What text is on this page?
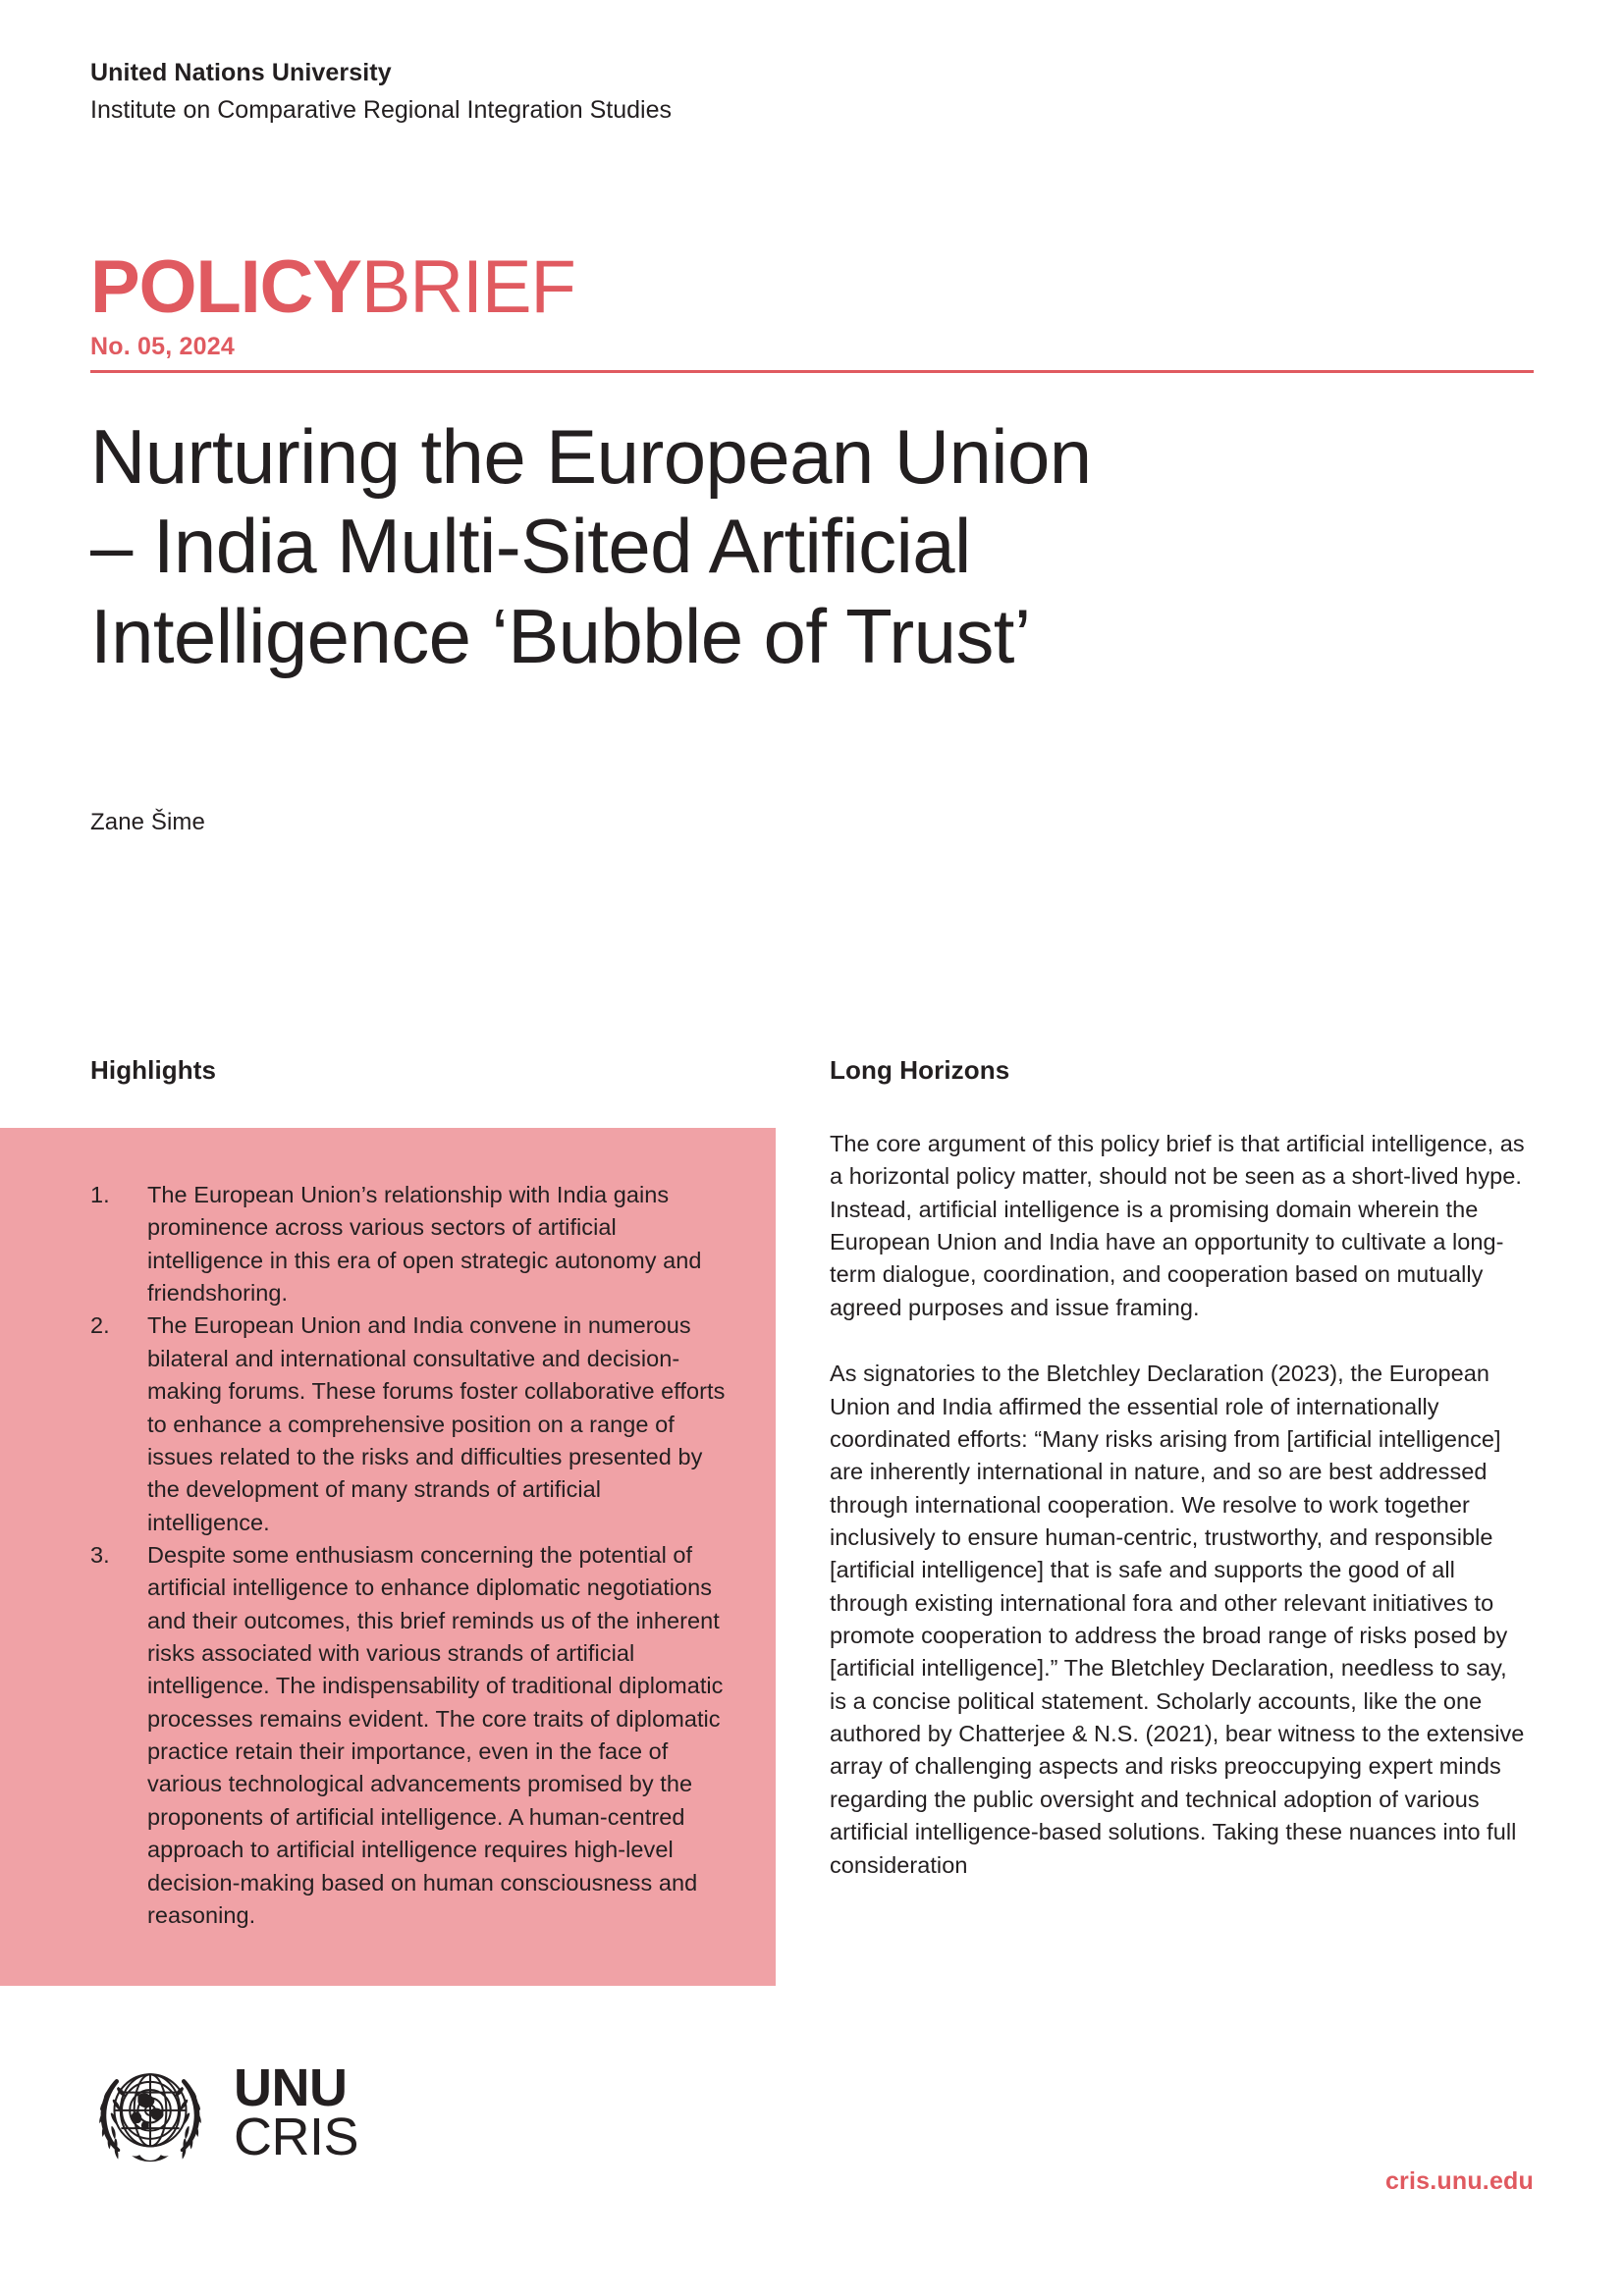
United Nations University
Institute on Comparative Regional Integration Studies
POLICYBRIEF
No. 05, 2024
Nurturing the European Union
– India Multi-Sited Artificial
Intelligence ‘Bubble of Trust’
Zane Šime
Highlights
The European Union’s relationship with India gains prominence across various sectors of artificial intelligence in this era of open strategic autonomy and friendshoring.
The European Union and India convene in numerous bilateral and international consultative and decision-making forums. These forums foster collaborative efforts to enhance a comprehensive position on a range of issues related to the risks and difficulties presented by the development of many strands of artificial intelligence.
Despite some enthusiasm concerning the potential of artificial intelligence to enhance diplomatic negotiations and their outcomes, this brief reminds us of the inherent risks associated with various strands of artificial intelligence. The indispensability of traditional diplomatic processes remains evident. The core traits of diplomatic practice retain their importance, even in the face of various technological advancements promised by the proponents of artificial intelligence. A human-centred approach to artificial intelligence requires high-level decision-making based on human consciousness and reasoning.
Long Horizons

The core argument of this policy brief is that artificial intelligence, as a horizontal policy matter, should not be seen as a short-lived hype. Instead, artificial intelligence is a promising domain wherein the European Union and India have an opportunity to cultivate a long-term dialogue, coordination, and cooperation based on mutually agreed purposes and issue framing.

As signatories to the Bletchley Declaration (2023), the European Union and India affirmed the essential role of internationally coordinated efforts: “Many risks arising from [artificial intelligence] are inherently international in nature, and so are best addressed through international cooperation. We resolve to work together inclusively to ensure human-centric, trustworthy, and responsible [artificial intelligence] that is safe and supports the good of all through existing international fora and other relevant initiatives to promote cooperation to address the broad range of risks posed by [artificial intelligence].” The Bletchley Declaration, needless to say, is a concise political statement. Scholarly accounts, like the one authored by Chatterjee & N.S. (2021), bear witness to the extensive array of challenging aspects and risks preoccupying expert minds regarding the public oversight and technical adoption of various artificial intelligence-based solutions. Taking these nuances into full consideration

UNU
CRIS
cris.unu.edu
